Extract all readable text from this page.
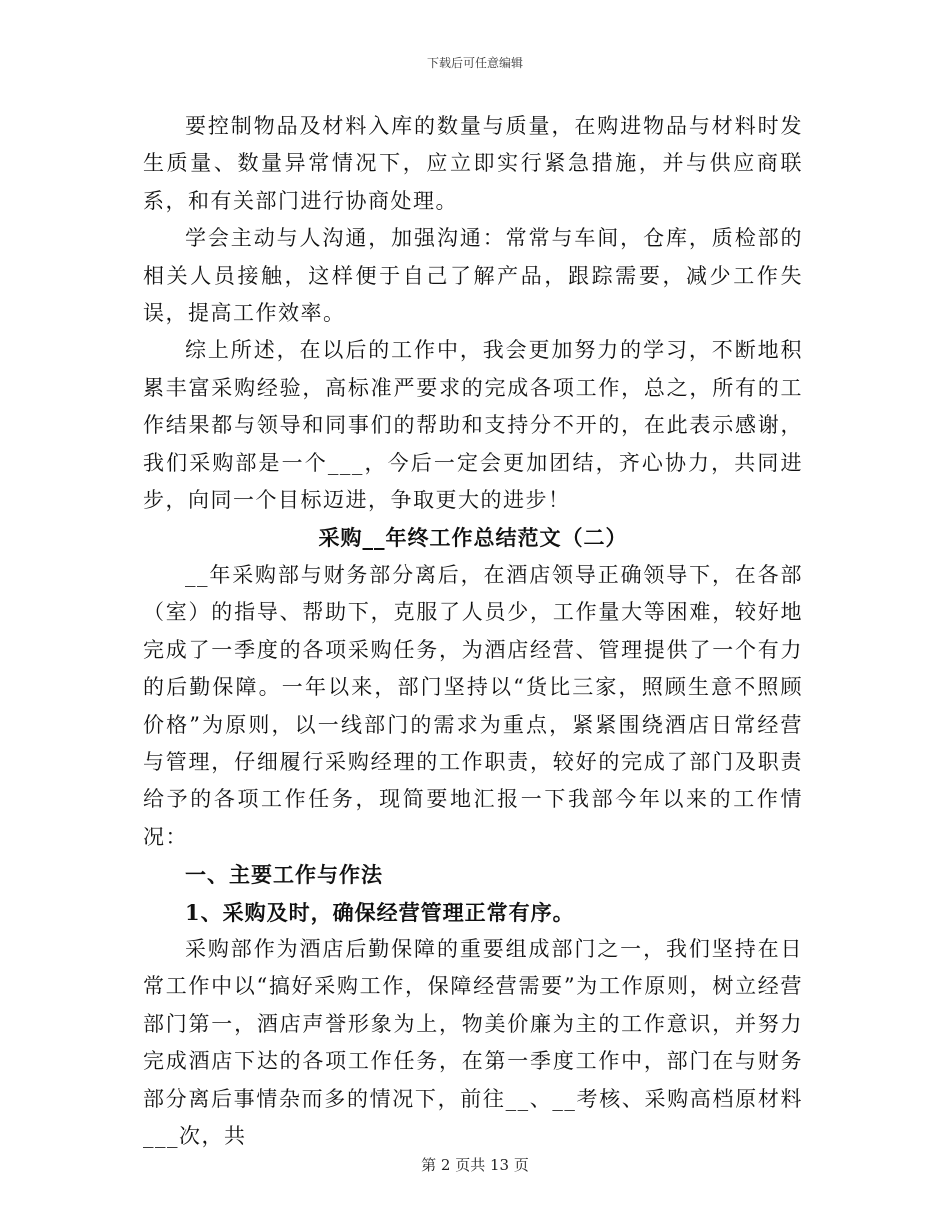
下载后可任意编辑

要控制物品及材料入库的数量与质量，在购进物品与材料时发生质量、数量异常情况下，应立即实行紧急措施，并与供应商联系，和有关部门进行协商处理。

学会主动与人沟通，加强沟通：常常与车间，仓库，质检部的相关人员接触，这样便于自己了解产品，跟踪需要，减少工作失误，提高工作效率。

综上所述，在以后的工作中，我会更加努力的学习，不断地积累丰富采购经验，高标准严要求的完成各项工作，总之，所有的工作结果都与领导和同事们的帮助和支持分不开的，在此表示感谢，我们采购部是一个___，今后一定会更加团结，齐心协力，共同进步，向同一个目标迈进，争取更大的进步！

采购__年终工作总结范文（二）

__年采购部与财务部分离后，在酒店领导正确领导下，在各部（室）的指导、帮助下，克服了人员少，工作量大等困难，较好地完成了一季度的各项采购任务，为酒店经营、管理提供了一个有力的后勤保障。一年以来，部门坚持以“货比三家，照顾生意不照顾价格”为原则，以一线部门的需求为重点，紧紧围绕酒店日常经营与管理，仔细履行采购经理的工作职责，较好的完成了部门及职责给予的各项工作任务，现简要地汇报一下我部今年以来的工作情况：

一、主要工作与作法

1、采购及时，确保经营管理正常有序。

采购部作为酒店后勤保障的重要组成部门之一，我们坚持在日常工作中以“搞好采购工作，保障经营需要”为工作原则，树立经营部门第一，酒店声誉形象为上，物美价廉为主的工作意识，并努力完成酒店下达的各项工作任务，在第一季度工作中，部门在与财务部分离后事情杂而多的情况下，前往__、__考核、采购高档原材料___次，共

第 2 页共 13 页
